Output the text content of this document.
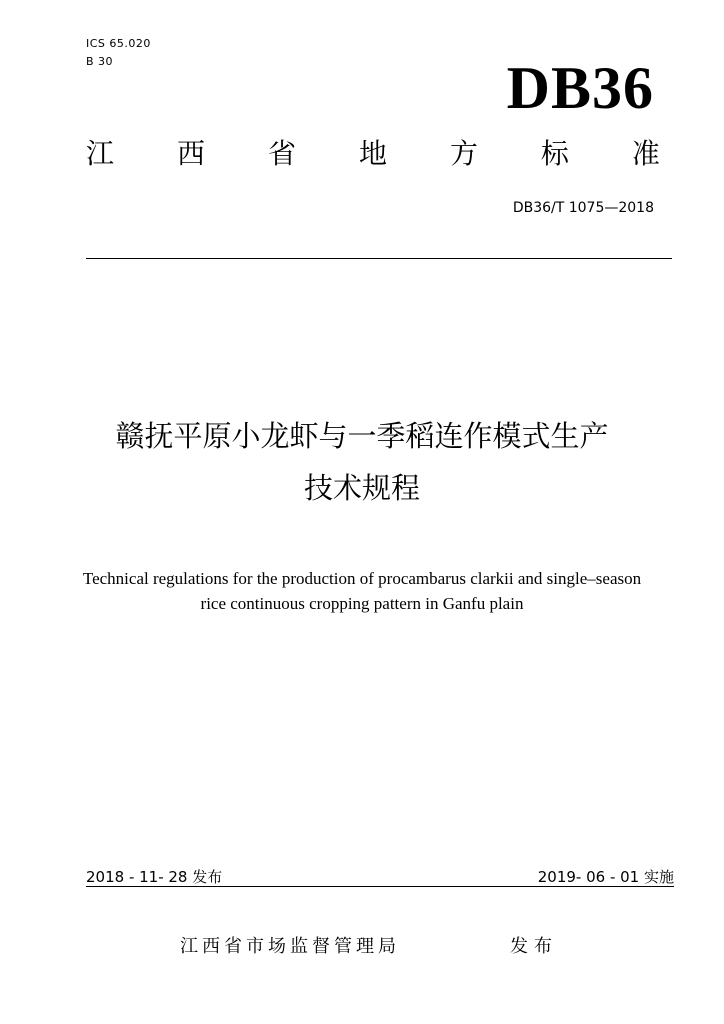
ICS 65.020
B 30	DB36
江 西 省 地 方 标 准
DB36/T 1075—2018
赣抚平原小龙虾与一季稻连作模式生产
技术规程
Technical regulations for the production of procambarus clarkii and single–season
rice continuous cropping pattern in Ganfu plain
2018 - 11- 28 发布	2019- 06 - 01 实施
江西省市场监督管理局	发布
